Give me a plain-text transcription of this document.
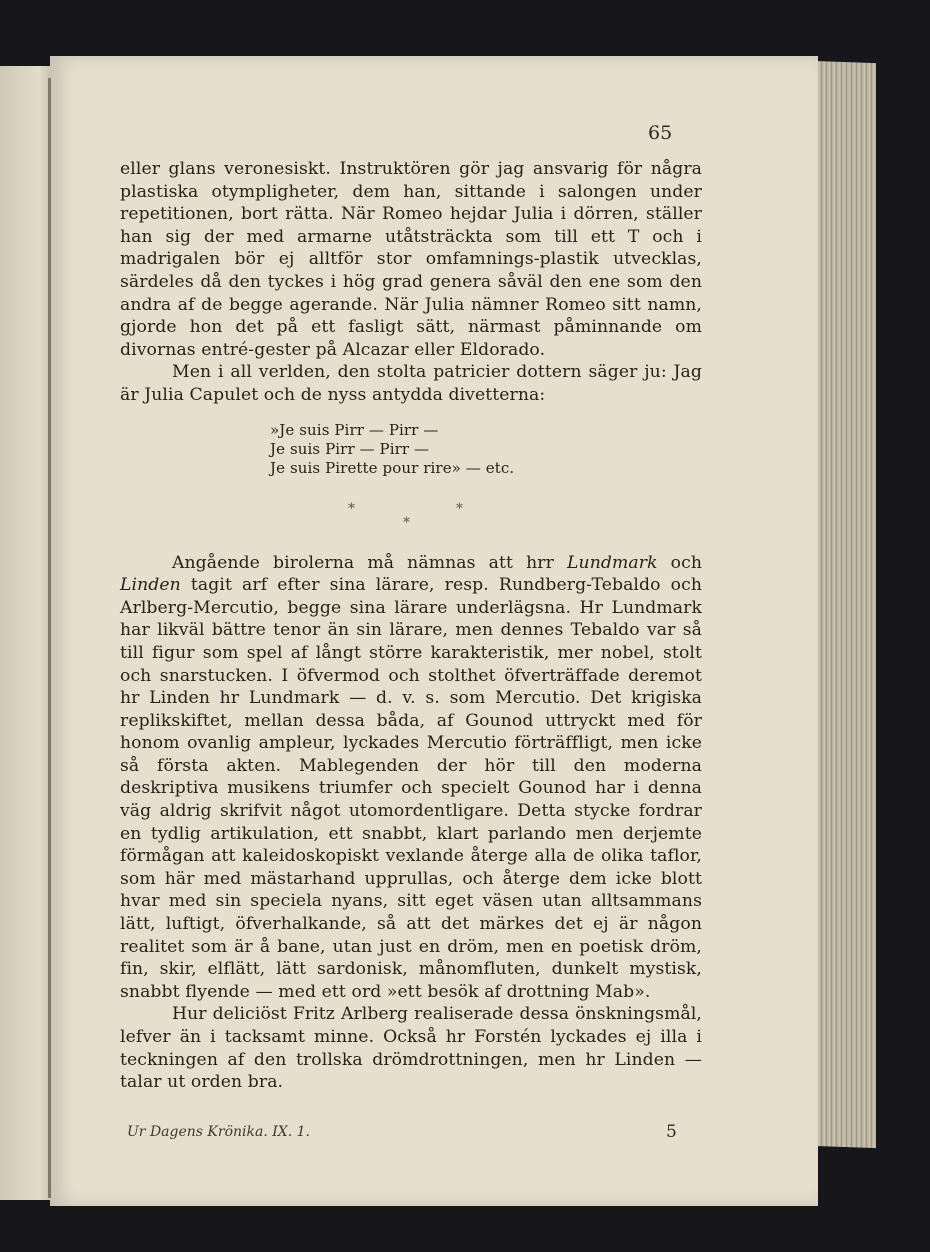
65

eller glans veronesiskt. Instruktören gör jag ansvarig för några plastiska otympligheter, dem han, sittande i salongen under repetitionen, bort rätta. När Romeo hejdar Julia i dörren, ställer han sig der med armarne utåtsträckta som till ett T och i madrigalen bör ej alltför stor omfamnings-plastik utvecklas, särdeles då den tyckes i hög grad genera såväl den ene som den andra af de begge agerande. När Julia nämner Romeo sitt namn, gjorde hon det på ett fasligt sätt, närmast påminnande om divornas entré-gester på Alcazar eller Eldorado.

Men i all verlden, den stolta patricier dottern säger ju: Jag är Julia Capulet och de nyss antydda divetterna:

»Je suis Pirr — Pirr —
Je suis Pirr — Pirr —
Je suis Pirette pour rire» — etc.
*	*
*

Angående birolerna må nämnas att hrr Lundmark och Linden tagit arf efter sina lärare, resp. Rundberg-Tebaldo och Arlberg-Mercutio, begge sina lärare underlägsna. Hr Lundmark har likväl bättre tenor än sin lärare, men dennes Tebaldo var så till figur som spel af långt större karakteristik, mer nobel, stolt och snarstucken. I öfvermod och stolthet öfverträffade deremot hr Linden hr Lundmark — d. v. s. som Mercutio. Det krigiska replikskiftet, mellan dessa båda, af Gounod uttryckt med för honom ovanlig ampleur, lyckades Mercutio förträffligt, men icke så första akten. Mablegenden der hör till den moderna deskriptiva musikens triumfer och specielt Gounod har i denna väg aldrig skrifvit något utomordentligare. Detta stycke fordrar en tydlig artikulation, ett snabbt, klart parlando men derjemte förmågan att kaleidoskopiskt vexlande återge alla de olika taflor, som här med mästarhand upprullas, och återge dem icke blott hvar med sin speciela nyans, sitt eget väsen utan alltsammans lätt, luftigt, öfverhalkande, så att det märkes det ej är någon realitet som är å bane, utan just en dröm, men en poetisk dröm, fin, skir, elflätt, lätt sardonisk, månomfluten, dunkelt mystisk, snabbt flyende — med ett ord »ett besök af drottning Mab».

Hur deliciöst Fritz Arlberg realiserade dessa önskningsmål, lefver än i tacksamt minne. Också hr Forstén lyckades ej illa i teckningen af den trollska drömdrottningen, men hr Linden — talar ut orden bra.

Ur Dagens Krönika. IX. 1.	5
